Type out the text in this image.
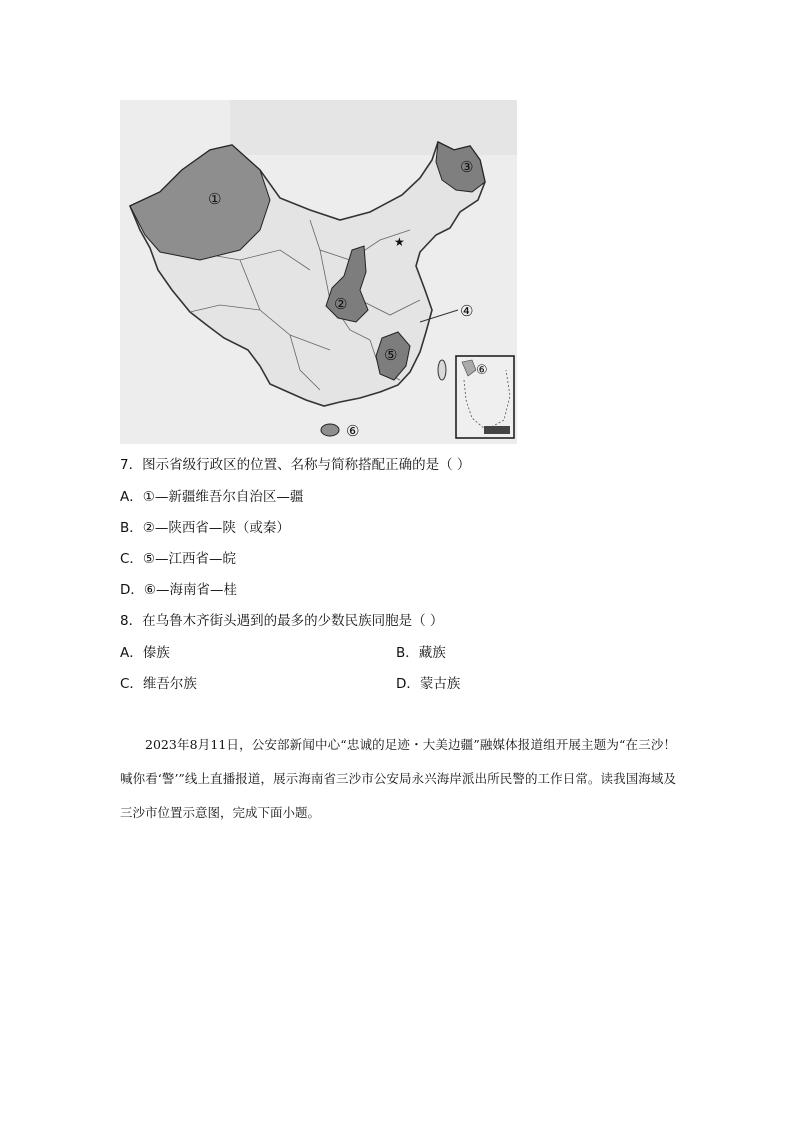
★
①
②
③
④
⑤
⑥
⑥
7．图示省级行政区的位置、名称与简称搭配正确的是（ ）
A．①—新疆维吾尔自治区—疆
B．②—陕西省—陕（或秦）
C．⑤—江西省—皖
D．⑥—海南省—桂
8．在乌鲁木齐街头遇到的最多的少数民族同胞是（ ）
A．傣族	B．藏族
C．维吾尔族	D．蒙古族
2023年8月11日，公安部新闻中心“忠诚的足迹・大美边疆”融媒体报道组开展主题为“在三沙！喊你看‘警’”线上直播报道，展示海南省三沙市公安局永兴海岸派出所民警的工作日常。读我国海域及三沙市位置示意图，完成下面小题。
